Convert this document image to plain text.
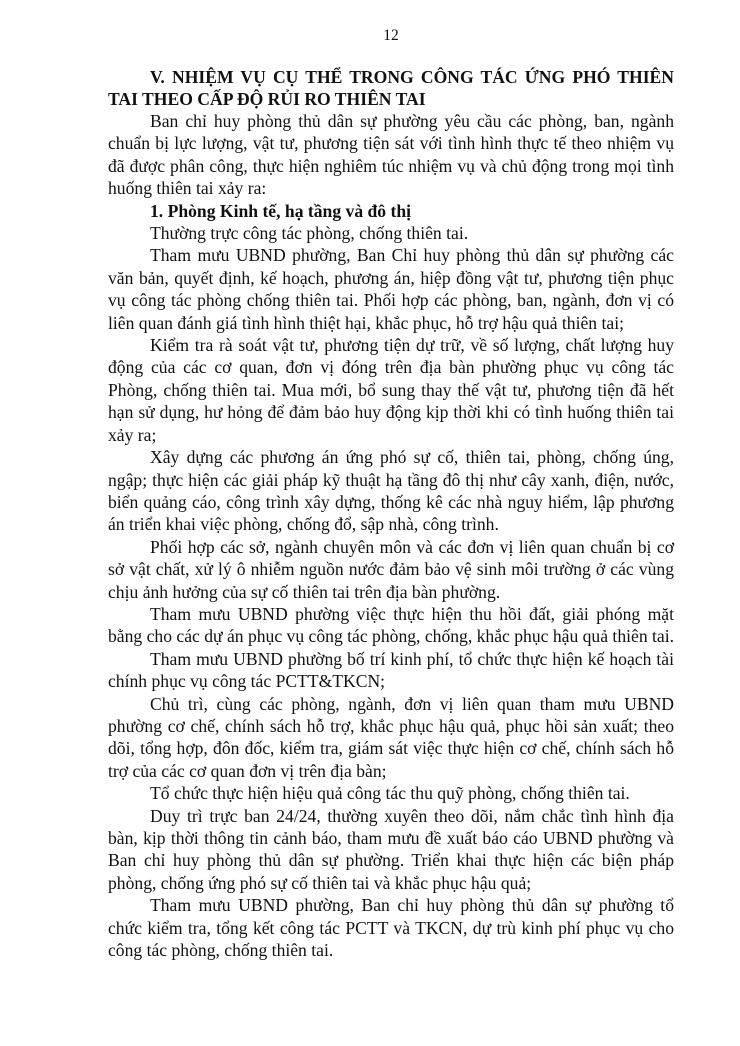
12

V. NHIỆM VỤ CỤ THỂ TRONG CÔNG TÁC ỨNG PHÓ THIÊN TAI THEO CẤP ĐỘ RỦI RO THIÊN TAI

Ban chỉ huy phòng thủ dân sự phường yêu cầu các phòng, ban, ngành chuẩn bị lực lượng, vật tư, phương tiện sát với tình hình thực tế theo nhiệm vụ đã được phân công, thực hiện nghiêm túc nhiệm vụ và chủ động trong mọi tình huống thiên tai xảy ra:

1. Phòng Kinh tế, hạ tầng và đô thị

Thường trực công tác phòng, chống thiên tai.

Tham mưu UBND phường, Ban Chỉ huy phòng thủ dân sự phường các văn bản, quyết định, kế hoạch, phương án, hiệp đồng vật tư, phương tiện phục vụ công tác phòng chống thiên tai. Phối hợp các phòng, ban, ngành, đơn vị có liên quan đánh giá tình hình thiệt hại, khắc phục, hỗ trợ hậu quả thiên tai;

Kiểm tra rà soát vật tư, phương tiện dự trữ, về số lượng, chất lượng huy động của các cơ quan, đơn vị đóng trên địa bàn phường phục vụ công tác Phòng, chống thiên tai. Mua mới, bổ sung thay thế vật tư, phương tiện đã hết hạn sử dụng, hư hỏng để đảm bảo huy động kịp thời khi có tình huống thiên tai xảy ra;

Xây dựng các phương án ứng phó sự cố, thiên tai, phòng, chống úng, ngập; thực hiện các giải pháp kỹ thuật hạ tầng đô thị như cây xanh, điện, nước, biển quảng cáo, công trình xây dựng, thống kê các nhà nguy hiểm, lập phương án triển khai việc phòng, chống đổ, sập nhà, công trình.

Phối hợp các sở, ngành chuyên môn và các đơn vị liên quan chuẩn bị cơ sở vật chất, xử lý ô nhiễm nguồn nước đảm bảo vệ sinh môi trường ở các vùng chịu ảnh hưởng của sự cố thiên tai trên địa bàn phường.

Tham mưu UBND phường việc thực hiện thu hồi đất, giải phóng mặt bằng cho các dự án phục vụ công tác phòng, chống, khắc phục hậu quả thiên tai.

Tham mưu UBND phường bố trí kinh phí, tổ chức thực hiện kế hoạch tài chính phục vụ công tác PCTT&TKCN;

Chủ trì, cùng các phòng, ngành, đơn vị liên quan tham mưu UBND phường cơ chế, chính sách hỗ trợ, khắc phục hậu quả, phục hồi sản xuất; theo dõi, tổng hợp, đôn đốc, kiểm tra, giám sát việc thực hiện cơ chế, chính sách hỗ trợ của các cơ quan đơn vị trên địa bàn;

Tổ chức thực hiện hiệu quả công tác thu quỹ phòng, chống thiên tai.

Duy trì trực ban 24/24, thường xuyên theo dõi, nắm chắc tình hình địa bàn, kịp thời thông tin cảnh báo, tham mưu đề xuất báo cáo UBND phường và Ban chỉ huy phòng thủ dân sự phường. Triển khai thực hiện các biện pháp phòng, chống ứng phó sự cố thiên tai và khắc phục hậu quả;

Tham mưu UBND phường, Ban chỉ huy phòng thủ dân sự phường tổ chức kiểm tra, tổng kết công tác PCTT và TKCN, dự trù kinh phí phục vụ cho công tác phòng, chống thiên tai.
